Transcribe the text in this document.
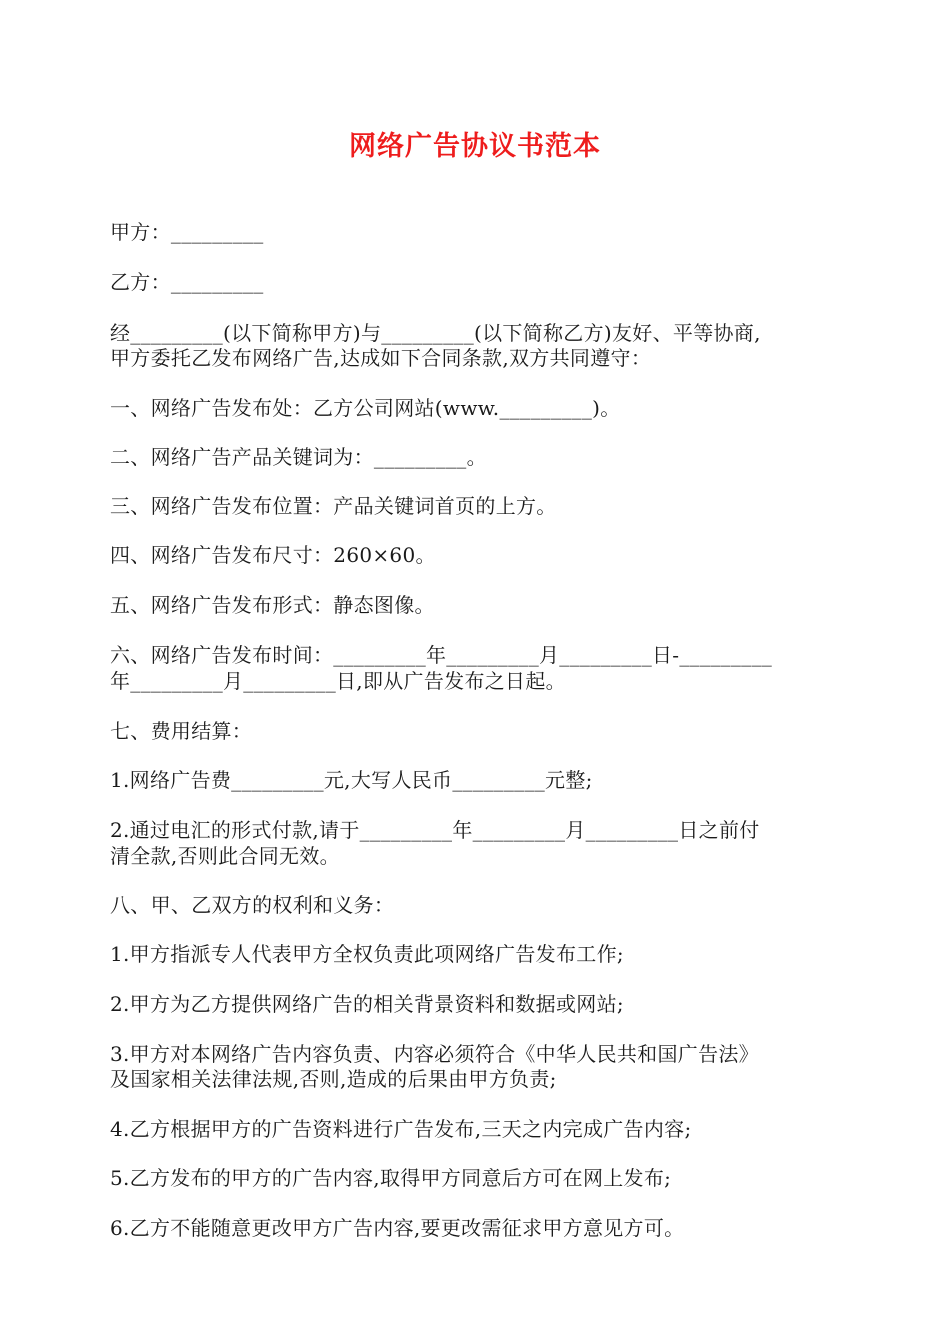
网络广告协议书范本
甲方：_________
乙方：_________
经_________(以下简称甲方)与_________(以下简称乙方)友好、平等协商,
甲方委托乙发布网络广告,达成如下合同条款,双方共同遵守：
一、网络广告发布处：乙方公司网站(www._________)。
二、网络广告产品关键词为：_________。
三、网络广告发布位置：产品关键词首页的上方。
四、网络广告发布尺寸：260×60。
五、网络广告发布形式：静态图像。
六、网络广告发布时间：_________年_________月_________日-_________
年_________月_________日,即从广告发布之日起。
七、费用结算：
1.网络广告费_________元,大写人民币_________元整;
2.通过电汇的形式付款,请于_________年_________月_________日之前付
清全款,否则此合同无效。
八、甲、乙双方的权利和义务：
1.甲方指派专人代表甲方全权负责此项网络广告发布工作;
2.甲方为乙方提供网络广告的相关背景资料和数据或网站;
3.甲方对本网络广告内容负责、内容必须符合《中华人民共和国广告法》
及国家相关法律法规,否则,造成的后果由甲方负责;
4.乙方根据甲方的广告资料进行广告发布,三天之内完成广告内容;
5.乙方发布的甲方的广告内容,取得甲方同意后方可在网上发布;
6.乙方不能随意更改甲方广告内容,要更改需征求甲方意见方可。
